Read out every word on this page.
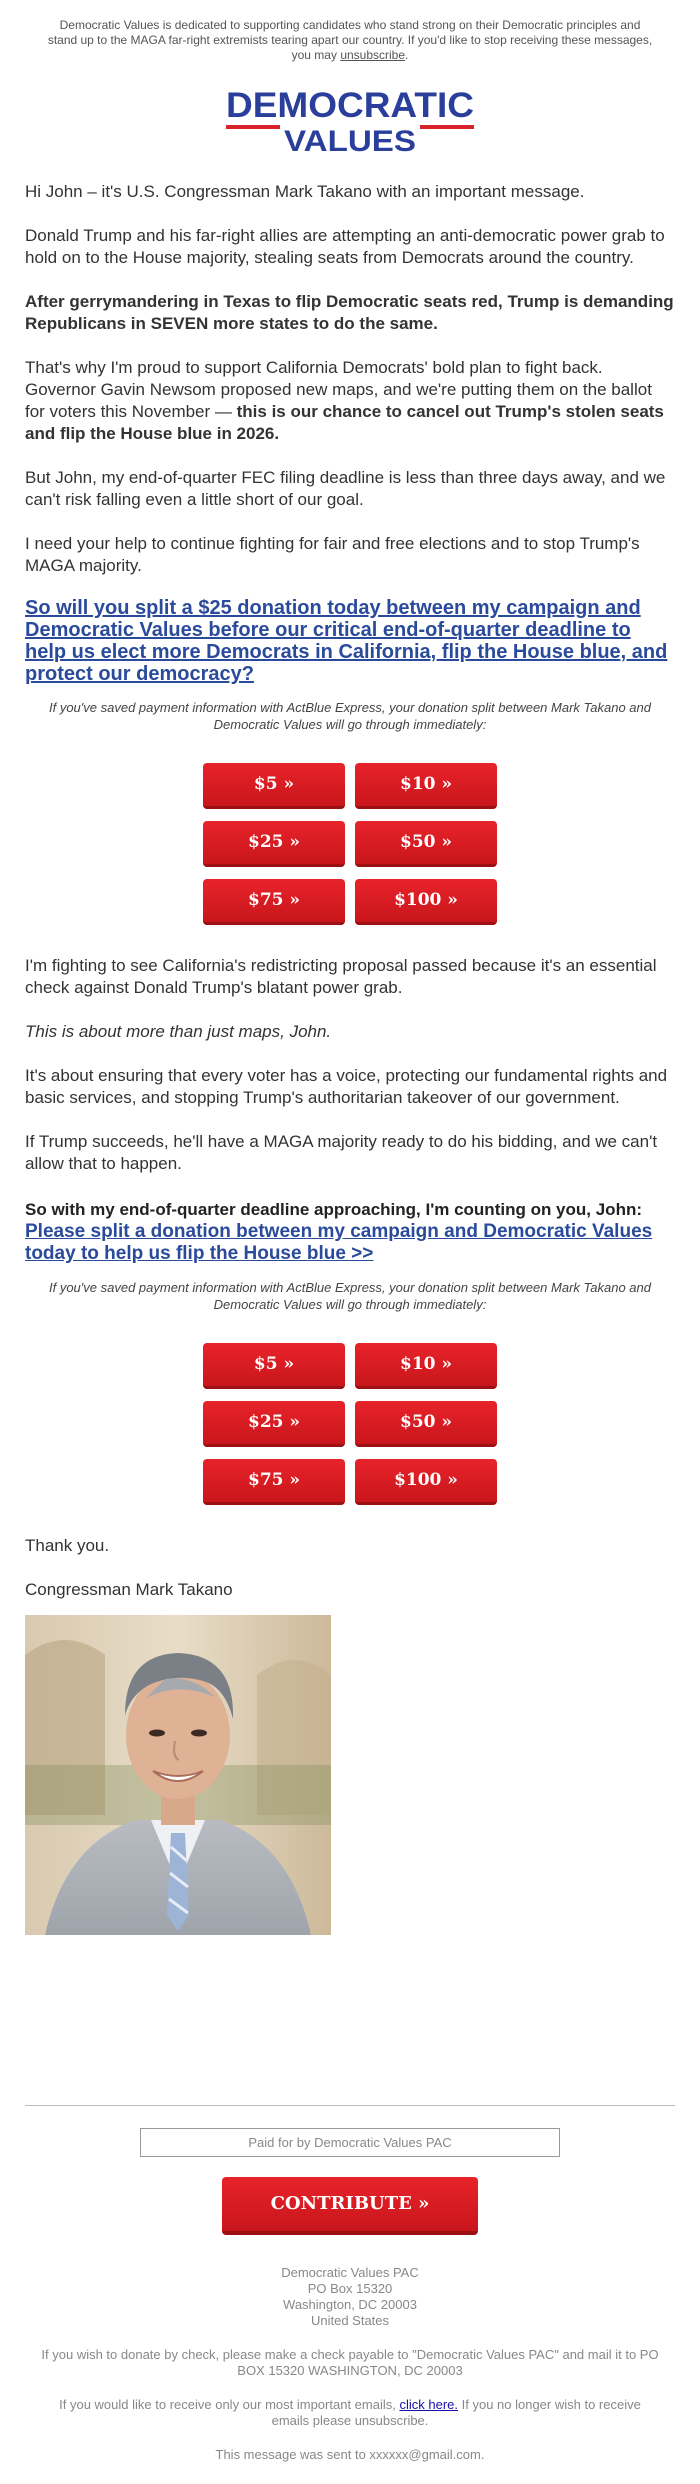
Democratic Values is dedicated to supporting candidates who stand strong on their Democratic principles and stand up to the MAGA far-right extremists tearing apart our country. If you'd like to stop receiving these messages, you may unsubscribe.
DEMOCRATIC
VALUES

Hi John – it's U.S. Congressman Mark Takano with an important message.

Donald Trump and his far-right allies are attempting an anti-democratic power grab to hold on to the House majority, stealing seats from Democrats around the country.

After gerrymandering in Texas to flip Democratic seats red, Trump is demanding Republicans in SEVEN more states to do the same.

That's why I'm proud to support California Democrats' bold plan to fight back. Governor Gavin Newsom proposed new maps, and we're putting them on the ballot for voters this November — this is our chance to cancel out Trump's stolen seats and flip the House blue in 2026.

But John, my end-of-quarter FEC filing deadline is less than three days away, and we can't risk falling even a little short of our goal.

I need your help to continue fighting for fair and free elections and to stop Trump's MAGA majority.

So will you split a $25 donation today between my campaign and Democratic Values before our critical end-of-quarter deadline to help us elect more Democrats in California, flip the House blue, and protect our democracy?

If you've saved payment information with ActBlue Express, your donation split between Mark Takano and Democratic Values will go through immediately:

$5 »	$10 »
$25 »	$50 »
$75 »	$100 »

I'm fighting to see California's redistricting proposal passed because it's an essential check against Donald Trump's blatant power grab.

This is about more than just maps, John.

It's about ensuring that every voter has a voice, protecting our fundamental rights and basic services, and stopping Trump's authoritarian takeover of our government.

If Trump succeeds, he'll have a MAGA majority ready to do his bidding, and we can't allow that to happen.

So with my end-of-quarter deadline approaching, I'm counting on you, John:

Please split a donation between my campaign and Democratic Values today to help us flip the House blue >>

If you've saved payment information with ActBlue Express, your donation split between Mark Takano and Democratic Values will go through immediately:

$5 »	$10 »
$25 »	$50 »
$75 »	$100 »

Thank you.

Congressman Mark Takano

Paid for by Democratic Values PAC
CONTRIBUTE »
Democratic Values PAC
PO Box 15320
Washington, DC 20003
United States

If you wish to donate by check, please make a check payable to "Democratic Values PAC" and mail it to PO BOX 15320 WASHINGTON, DC 20003

If you would like to receive only our most important emails, click here. If you no longer wish to receive emails please unsubscribe.

This message was sent to xxxxxx@gmail.com.
